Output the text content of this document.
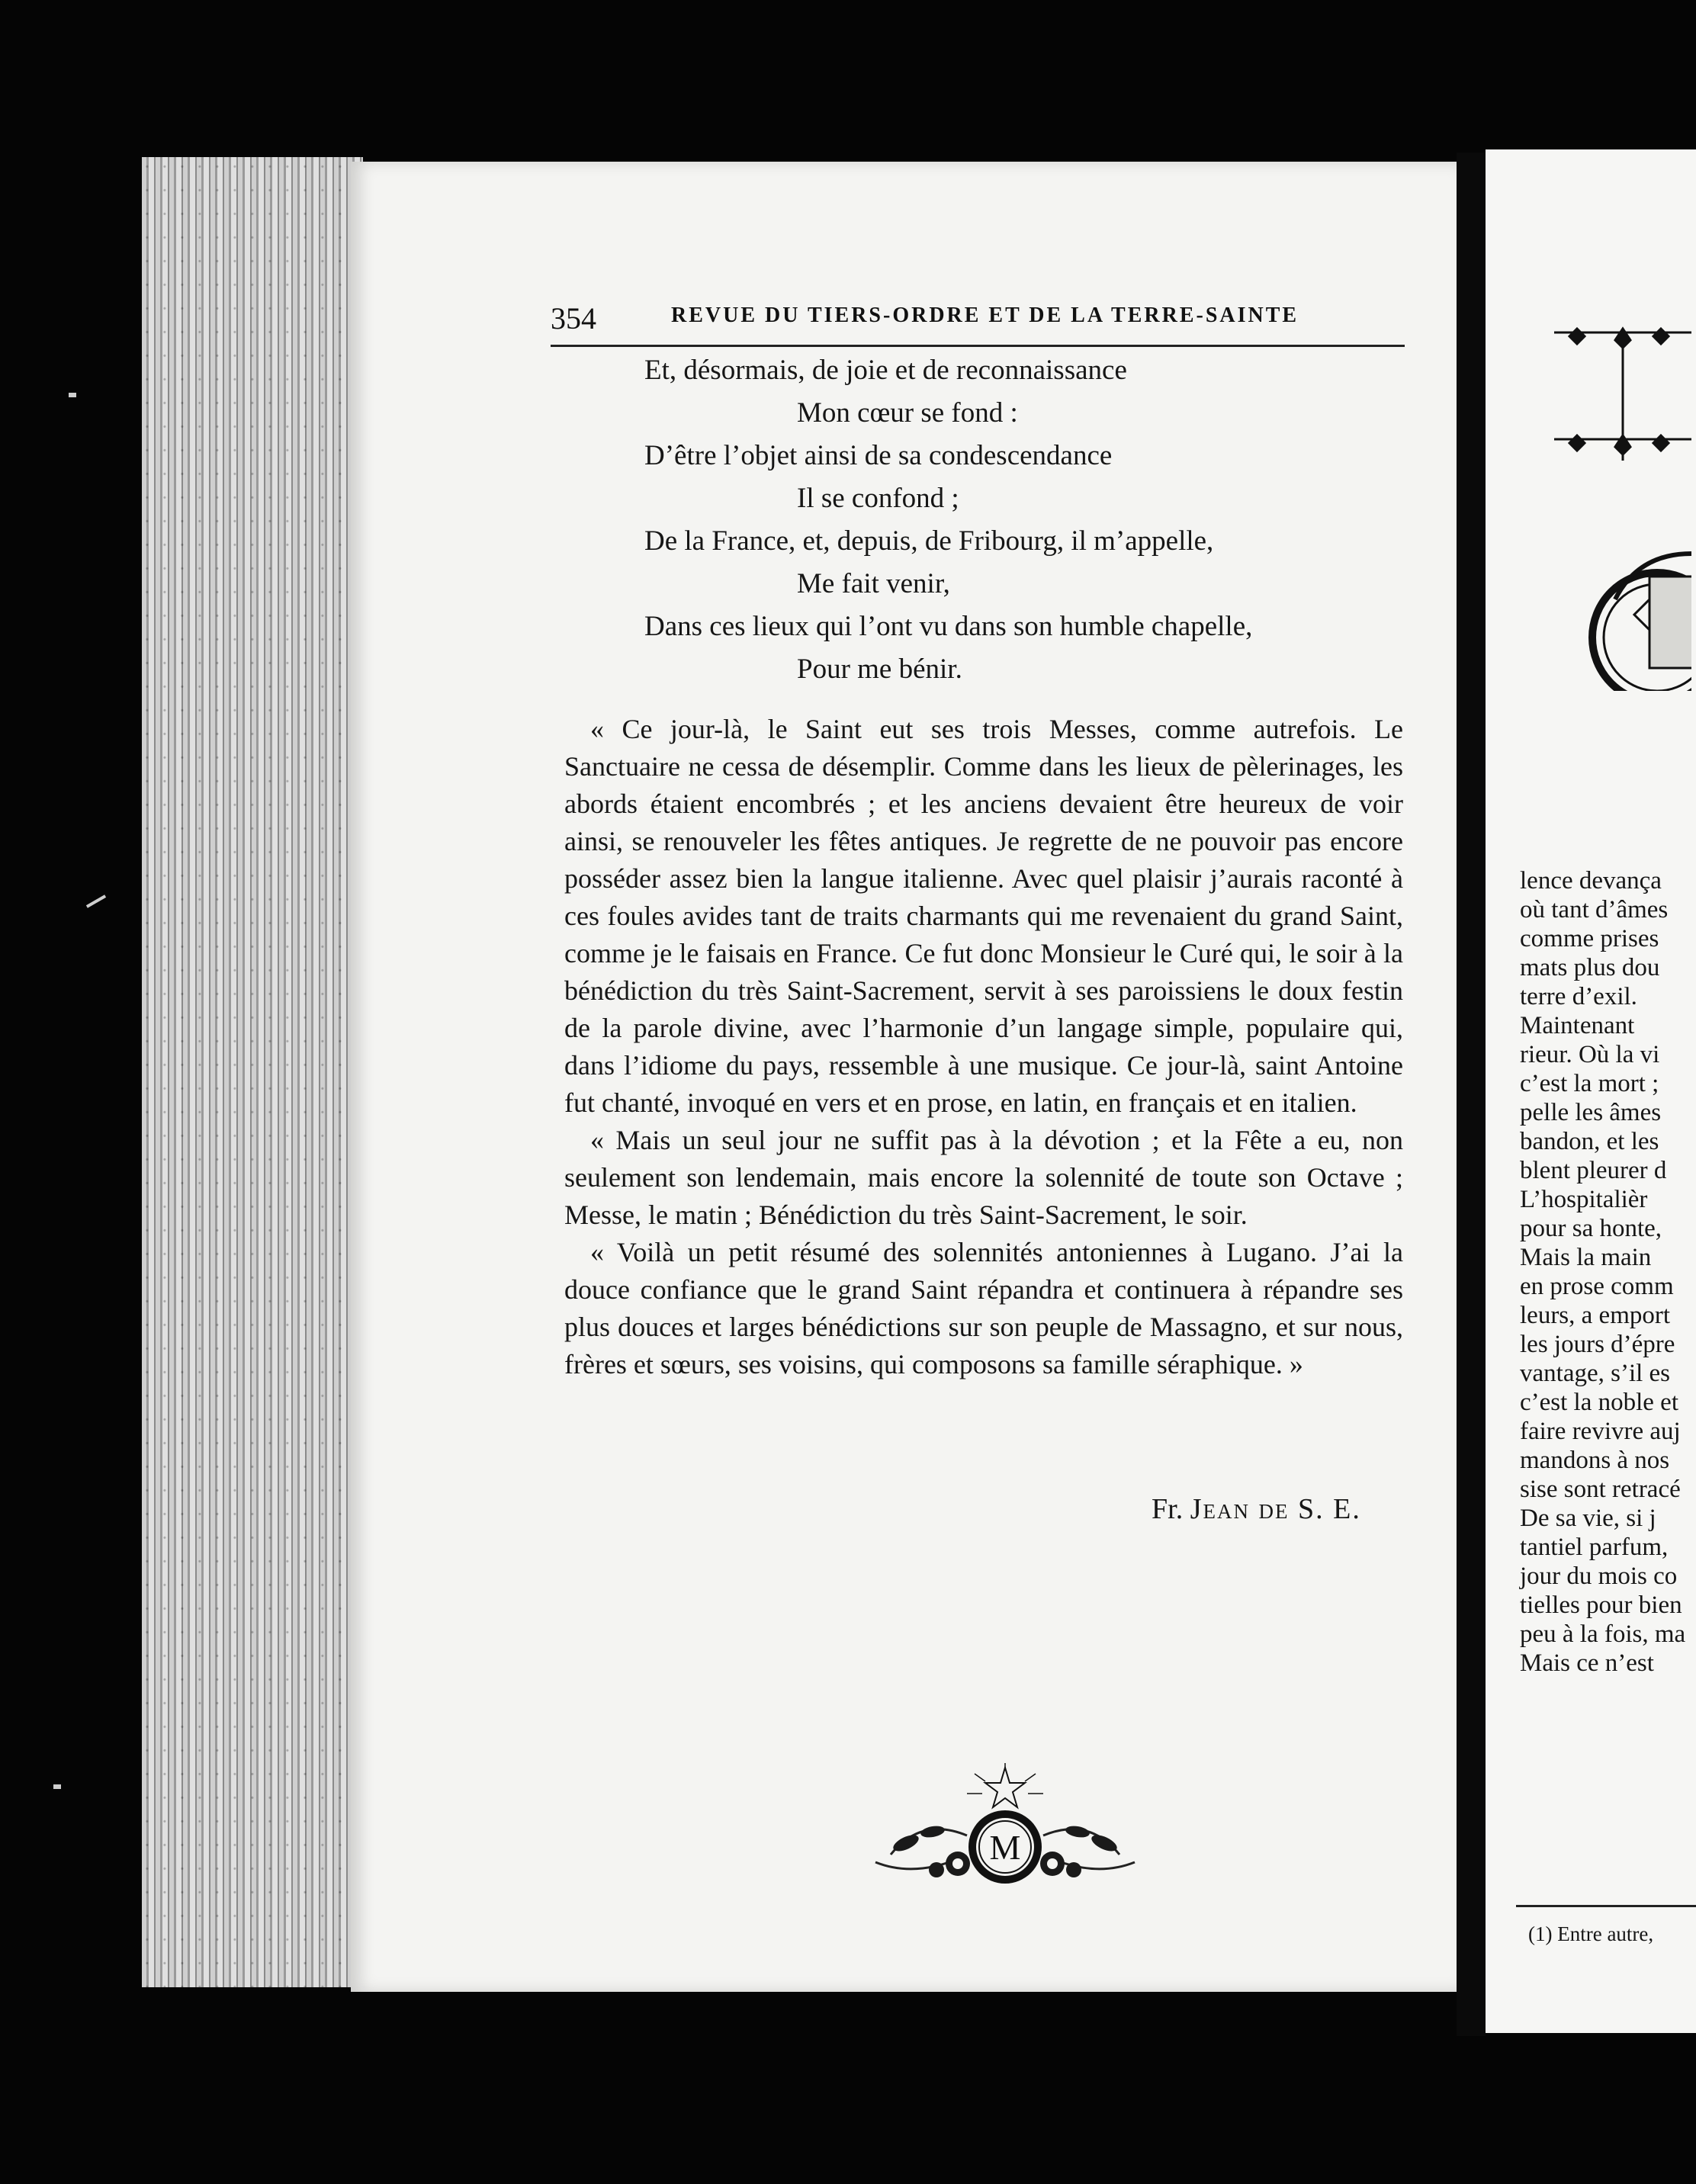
354	REVUE DU TIERS-ORDRE ET DE LA TERRE-SAINTE
Et, désormais, de joie et de reconnaissance
Mon cœur se fond :
D’être l’objet ainsi de sa condescendance
Il se confond ;
De la France, et, depuis, de Fribourg, il m’appelle,
Me fait venir,
Dans ces lieux qui l’ont vu dans son humble chapelle,
Pour me bénir.

« Ce jour-là, le Saint eut ses trois Messes, comme autrefois. Le Sanctuaire ne cessa de désemplir. Comme dans les lieux de pèlerinages, les abords étaient encombrés ; et les anciens devaient être heureux de voir ainsi, se renouveler les fêtes antiques. Je regrette de ne pouvoir pas encore posséder assez bien la langue italienne. Avec quel plaisir j’aurais raconté à ces foules avides tant de traits charmants qui me revenaient du grand Saint, comme je le faisais en France. Ce fut donc Monsieur le Curé qui, le soir à la bénédiction du très Saint-Sacrement, servit à ses paroissiens le doux festin de la parole divine, avec l’harmonie d’un langage simple, populaire qui, dans l’idiome du pays, ressemble à une musique. Ce jour-là, saint Antoine fut chanté, invoqué en vers et en prose, en latin, en français et en italien.

« Mais un seul jour ne suffit pas à la dévotion ; et la Fête a eu, non seulement son lendemain, mais encore la solennité de toute son Octave ; Messe, le matin ; Bénédiction du très Saint-Sacrement, le soir.

« Voilà un petit résumé des solennités antoniennes à Lugano. J’ai la douce confiance que le grand Saint répandra et continuera à répandre ses plus douces et larges bénédictions sur son peuple de Massagno, et sur nous, frères et sœurs, ses voisins, qui composons sa famille séraphique. »

Fr. Jean de S. E.
M
lence devança
où tant d’âmes
comme prises
mats plus dou
terre d’exil.
Maintenant
rieur. Où la vi
c’est la mort ;
pelle les âmes
bandon, et les
blent pleurer d
L’hospitalièr
pour sa honte,
Mais la main
en prose comm
leurs, a emport
les jours d’épre
vantage, s’il es
c’est la noble et
faire revivre auj
mandons à nos
sise sont retracé
De sa vie, si j
tantiel parfum,
jour du mois co
tielles pour bien
peu à la fois, ma
Mais ce n’est
(1) Entre autre,
